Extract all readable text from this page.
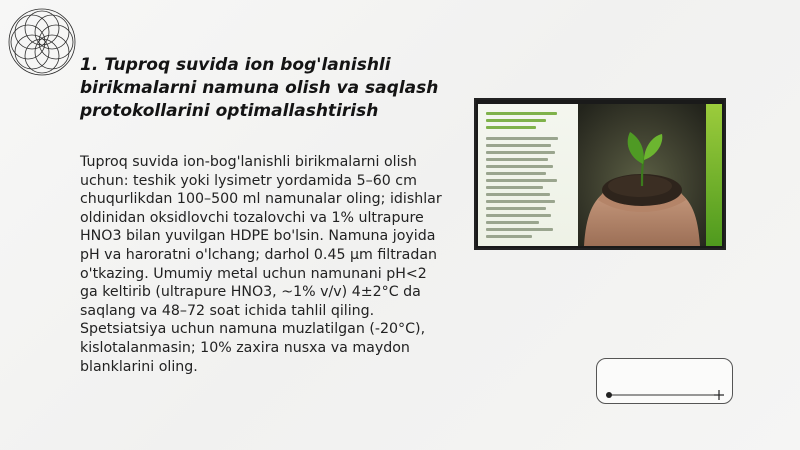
1. Tuproq suvida ion bog'lanishli birikmalarni namuna olish va saqlash protokollarini optimallashtirish
Tuproq suvida ion-bog'lanishli birikmalarni olish uchun: teshik yoki lysimetr yordamida 5–60 cm chuqurlikdan 100–500 ml namunalar oling; idishlar oldinidan oksidlovchi tozalovchi va 1% ultrapure HNO3 bilan yuvilgan HDPE bo'lsin. Namuna joyida pH va haroratni o'lchang; darhol 0.45 µm filtradan o'tkazing. Umumiy metal uchun namunani pH<2 ga keltirib (ultrapure HNO3, ~1% v/v) 4±2°C da saqlang va 48–72 soat ichida tahlil qiling. Spetsiatsiya uchun namuna muzlatilgan (-20°C), kislotalanmasin; 10% zaxira nusxa va maydon blanklarini oling.
